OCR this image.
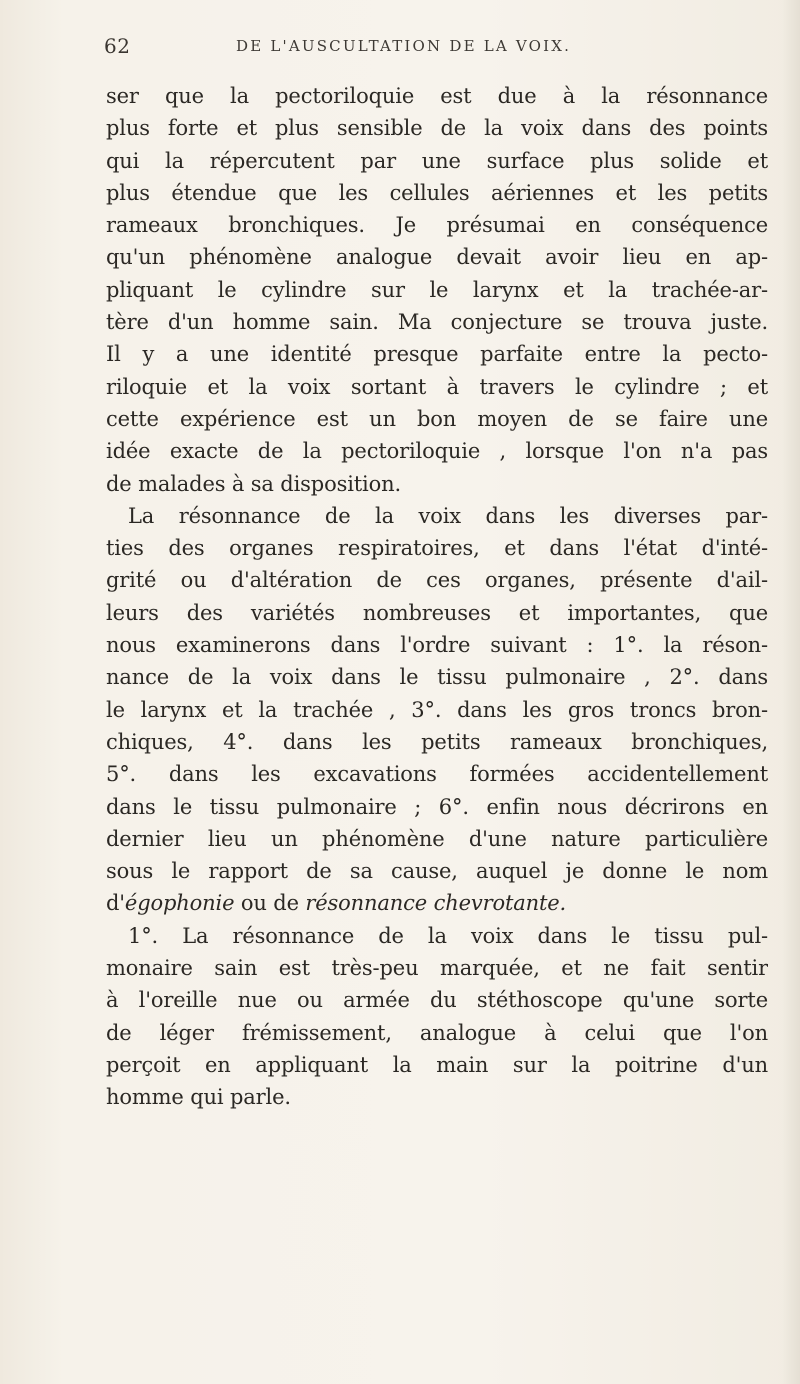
62	DE L'AUSCULTATION DE LA VOIX.
ser que la pectoriloquie est due à la résonnance
plus forte et plus sensible de la voix dans des points
qui la répercutent par une surface plus solide et
plus étendue que les cellules aériennes et les petits
rameaux bronchiques. Je présumai en conséquence
qu'un phénomène analogue devait avoir lieu en ap-
pliquant le cylindre sur le larynx et la trachée-ar-
tère d'un homme sain. Ma conjecture se trouva juste.
Il y a une identité presque parfaite entre la pecto-
riloquie et la voix sortant à travers le cylindre ; et
cette expérience est un bon moyen de se faire une
idée exacte de la pectoriloquie , lorsque l'on n'a pas
de malades à sa disposition.
La résonnance de la voix dans les diverses par-
ties des organes respiratoires, et dans l'état d'inté-
grité ou d'altération de ces organes, présente d'ail-
leurs des variétés nombreuses et importantes, que
nous examinerons dans l'ordre suivant : 1°. la réson-
nance de la voix dans le tissu pulmonaire , 2°. dans
le larynx et la trachée , 3°. dans les gros troncs bron-
chiques, 4°. dans les petits rameaux bronchiques,
5°. dans les excavations formées accidentellement
dans le tissu pulmonaire ; 6°. enfin nous décrirons en
dernier lieu un phénomène d'une nature particulière
sous le rapport de sa cause, auquel je donne le nom
d'égophonie ou de résonnance chevrotante.
1°. La résonnance de la voix dans le tissu pul-
monaire sain est très-peu marquée, et ne fait sentir
à l'oreille nue ou armée du stéthoscope qu'une sorte
de léger frémissement, analogue à celui que l'on
perçoit en appliquant la main sur la poitrine d'un
homme qui parle.
